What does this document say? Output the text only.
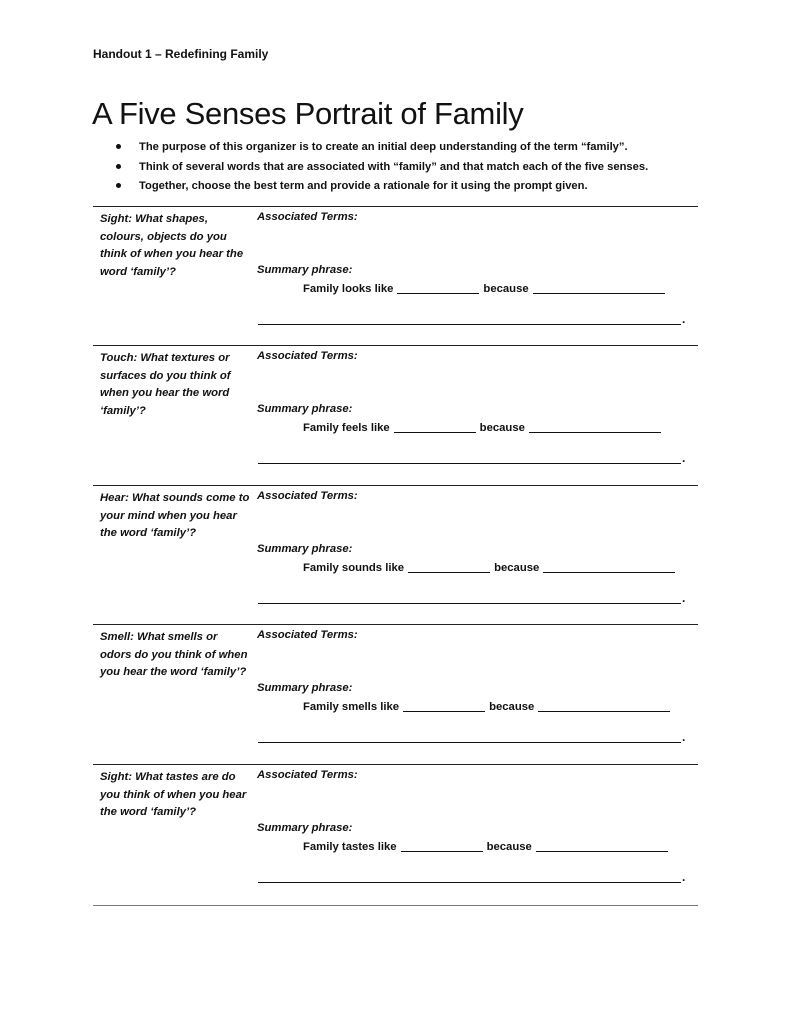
Handout 1 – Redefining Family
A Five Senses Portrait of Family
The purpose of this organizer is to create an initial deep understanding of the term “family”.
Think of several words that are associated with “family” and that match each of the five senses.
Together, choose the best term and provide a rationale for it using the prompt given.
Sight: What shapes, colours, objects do you think of when you hear the word ‘family’?
Associated Terms:
Summary phrase:
Family looks like	because
.
Touch: What textures or surfaces do you think of when you hear the word ‘family’?
Associated Terms:
Summary phrase:
Family feels like	because
.
Hear: What sounds come to your mind when you hear the word ‘family’?
Associated Terms:
Summary phrase:
Family sounds like	because
.
Smell: What smells or odors do you think of when you hear the word ‘family’?
Associated Terms:
Summary phrase:
Family smells like	because
.
Sight: What tastes are do you think of when you hear the word ‘family’?
Associated Terms:
Summary phrase:
Family tastes like	because
.
